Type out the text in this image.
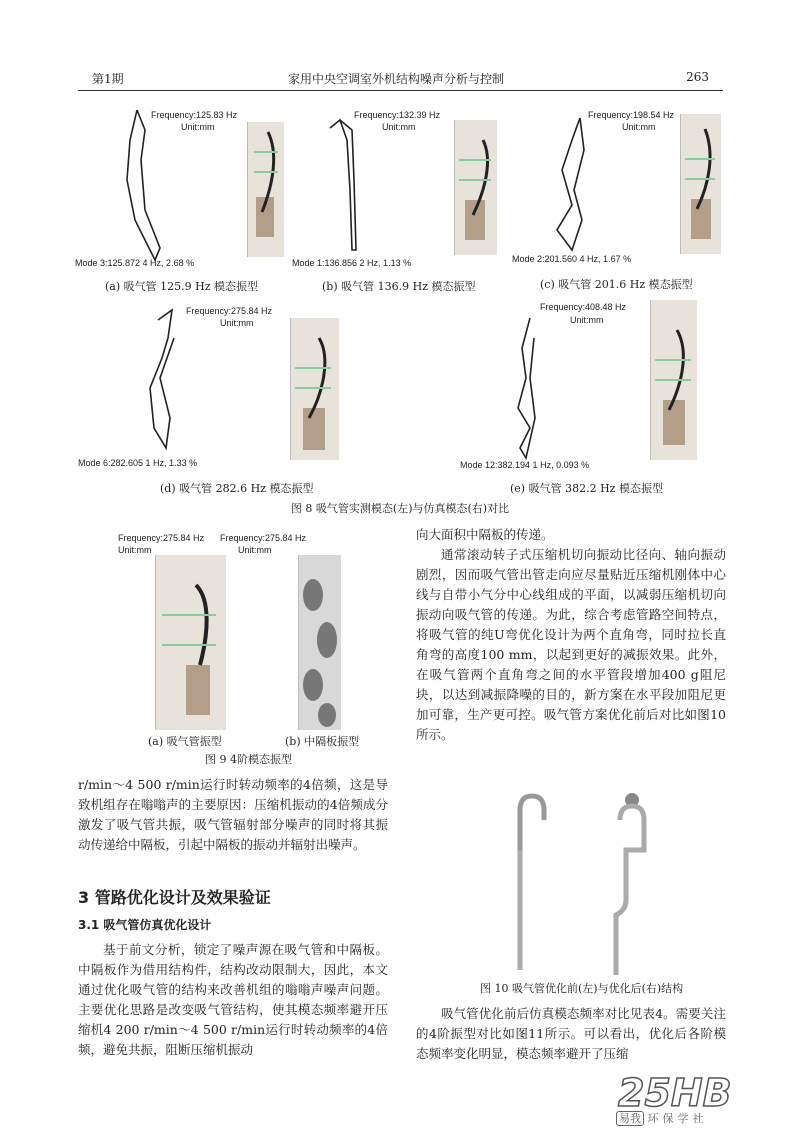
第1期	家用中央空调室外机结构噪声分析与控制	263
Frequency:125.83 Hz
Unit:mm
Mode 3:125.872 4 Hz, 2.68 %
(a) 吸气管 125.9 Hz 模态振型
Frequency:132.39 Hz
Unit:mm
Mode 1:136.856 2 Hz, 1.13 %
(b) 吸气管 136.9 Hz 模态振型
Frequency:198.54 Hz
Unit:mm
Mode 2:201.560 4 Hz, 1.67 %
(c) 吸气管 201.6 Hz 模态振型
Frequency:275.84 Hz
Unit:mm
Mode 6:282.605 1 Hz, 1.33 %
(d) 吸气管 282.6 Hz 模态振型
Frequency:408.48 Hz
Unit:mm
Mode 12:382.194 1 Hz, 0.093 %
(e) 吸气管 382.2 Hz 模态振型
图 8 吸气管实测模态(左)与仿真模态(右)对比
Frequency:275.84 Hz
Unit:mm
Frequency:275.84 Hz
Unit:mm
(a) 吸气管振型	(b) 中隔板振型
图 9 4阶模态振型

向大面积中隔板的传递。

通常滚动转子式压缩机切向振动比径向、轴向振动剧烈，因而吸气管出管走向应尽量贴近压缩机刚体中心线与自带小气分中心线组成的平面，以减弱压缩机切向振动向吸气管的传递。为此，综合考虑管路空间特点，将吸气管的纯U弯优化设计为两个直角弯，同时拉长直角弯的高度100 mm，以起到更好的减振效果。此外，在吸气管两个直角弯之间的水平管段增加400 g阻尼块，以达到减振降噪的目的，新方案在水平段加阻尼更加可靠，生产更可控。吸气管方案优化前后对比如图10所示。

r/min～4 500 r/min运行时转动频率的4倍频，这是导致机组存在嗡嗡声的主要原因：压缩机振动的4倍频成分激发了吸气管共振，吸气管辐射部分噪声的同时将其振动传递给中隔板，引起中隔板的振动并辐射出噪声。

3 管路优化设计及效果验证
3.1 吸气管仿真优化设计

基于前文分析，锁定了噪声源在吸气管和中隔板。中隔板作为借用结构件，结构改动限制大，因此，本文通过优化吸气管的结构来改善机组的嗡嗡声噪声问题。主要优化思路是改变吸气管结构，使其模态频率避开压缩机4 200 r/min～4 500 r/min运行时转动频率的4倍频，避免共振，阻断压缩机振动

图 10 吸气管优化前(左)与优化后(右)结构

吸气管优化前后仿真模态频率对比见表4。需要关注的4阶振型对比如图11所示。可以看出，优化后各阶模态频率变化明显，模态频率避开了压缩

25HB
易我 环保学社
